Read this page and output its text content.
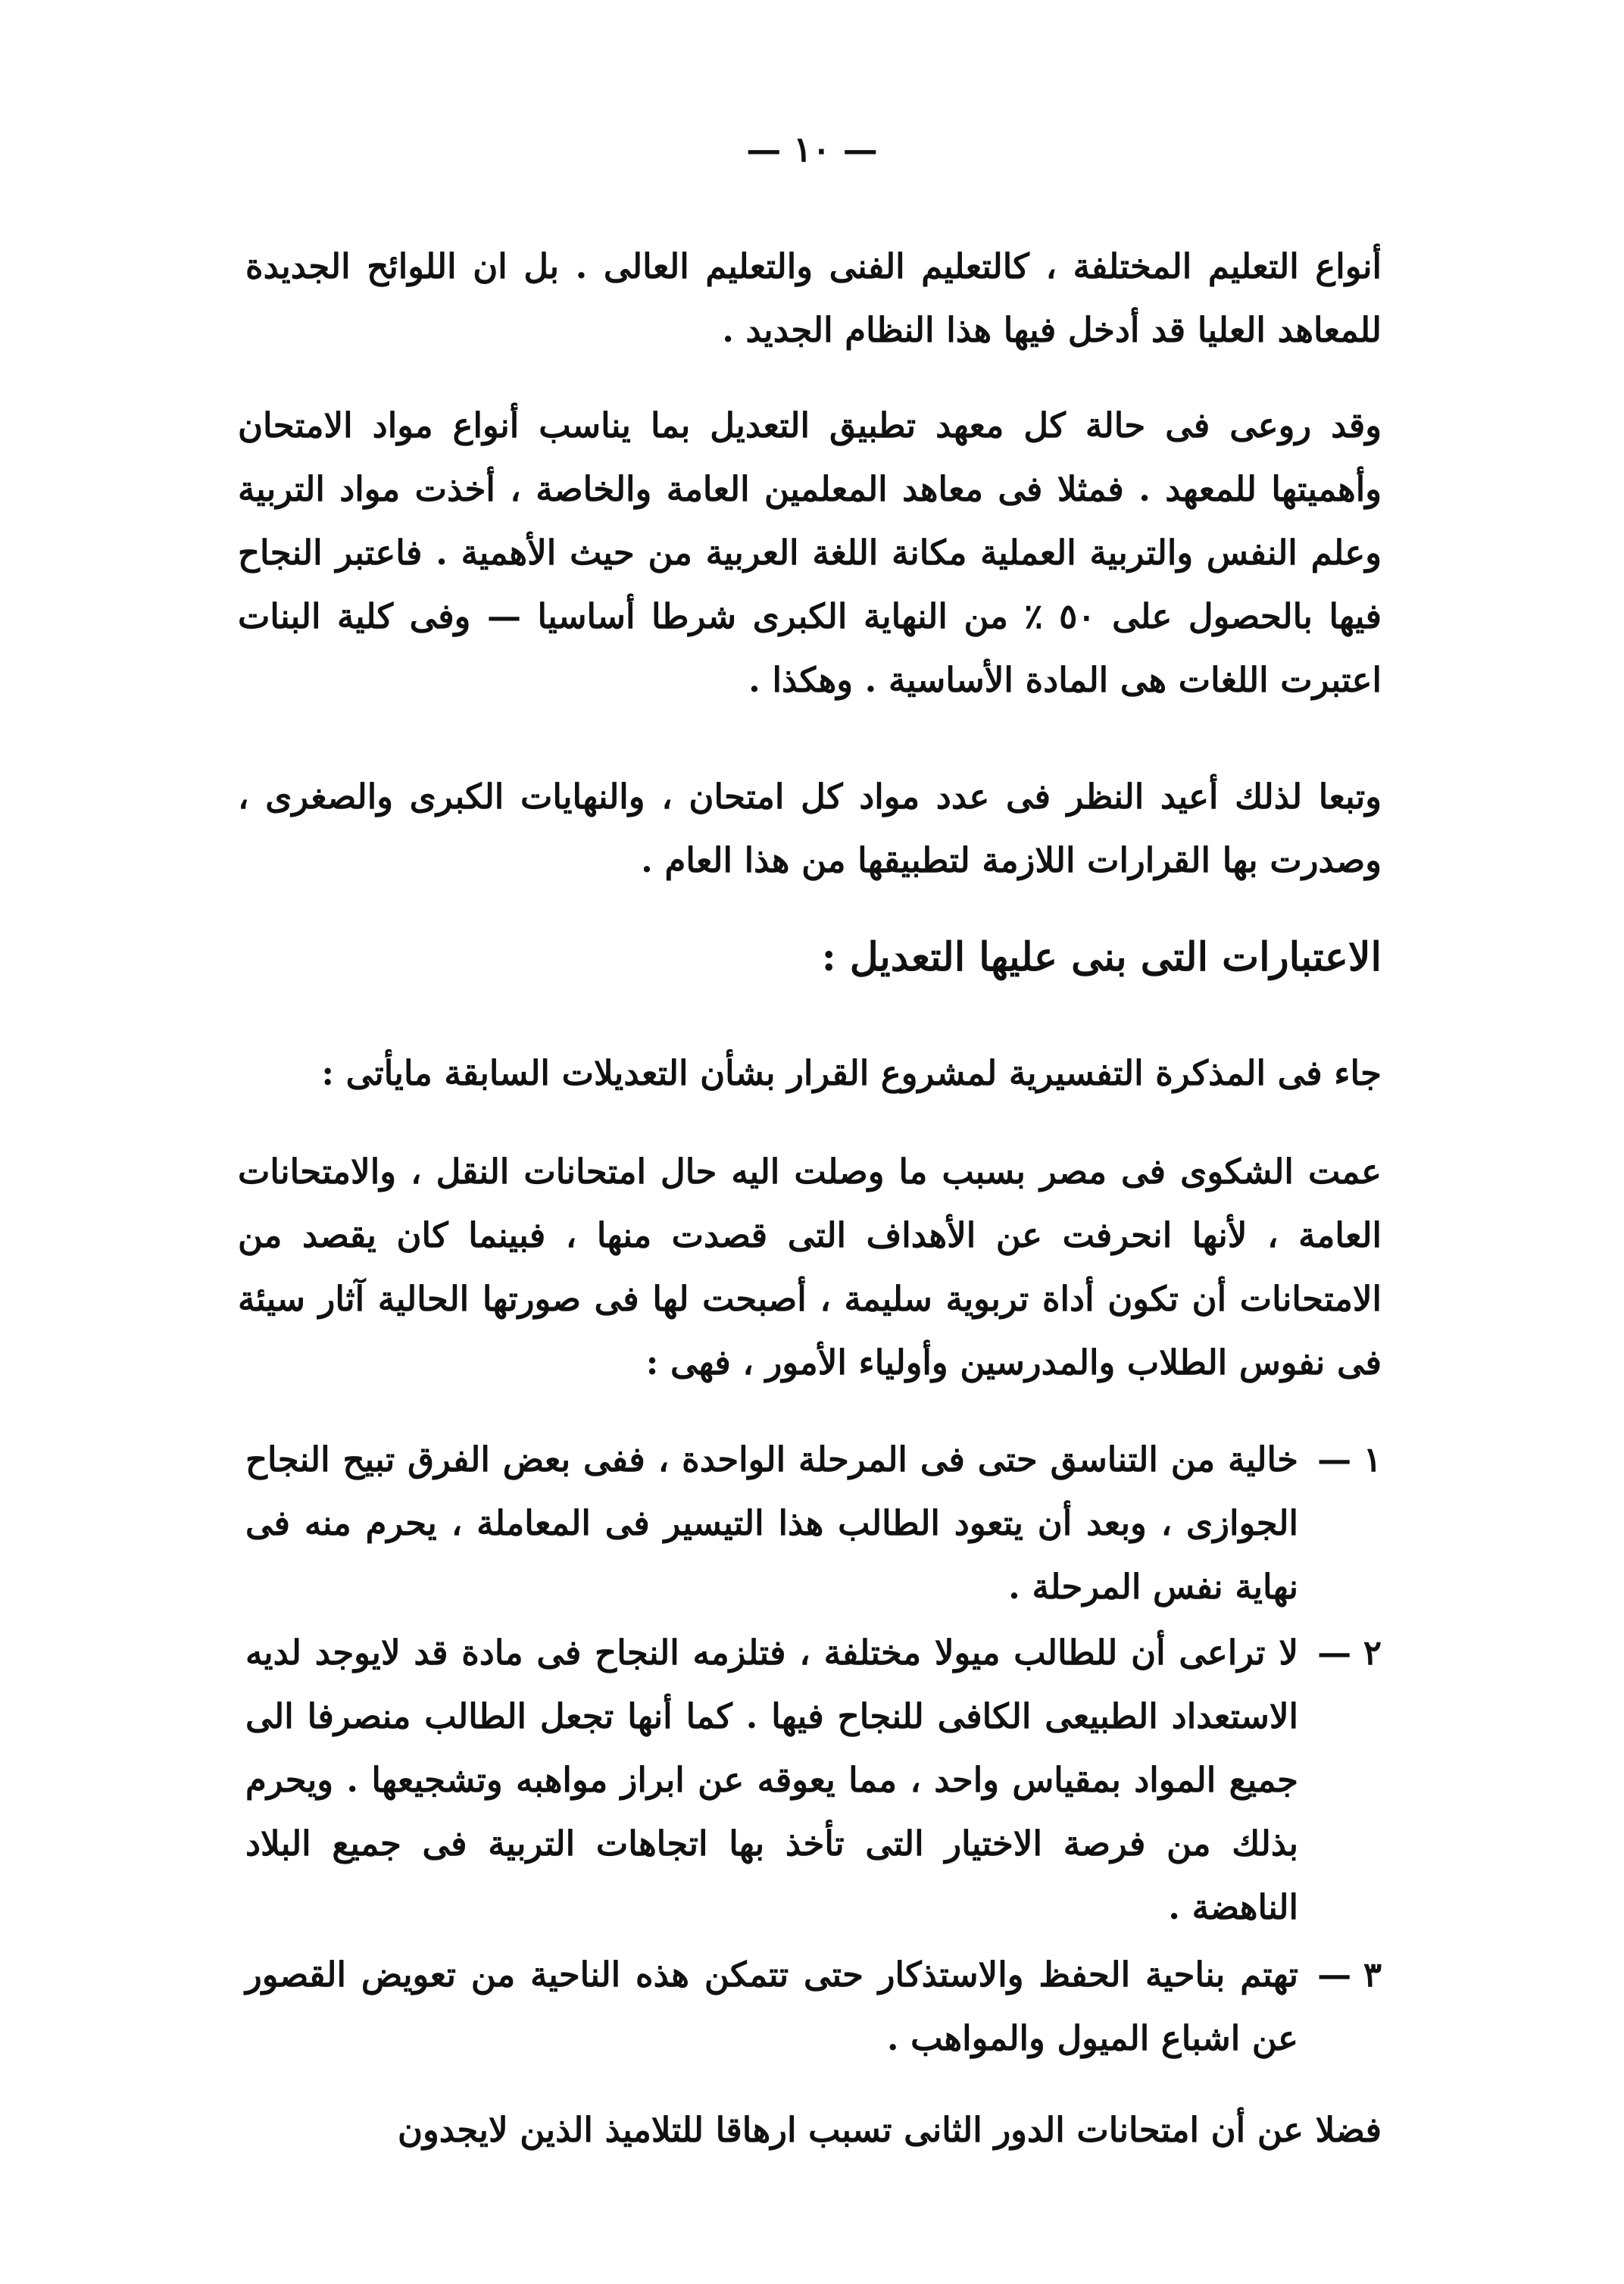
— ١٠ —

أنواع التعليم المختلفة ، كالتعليم الفنى والتعليم العالى . بل ان اللوائح الجديدة للمعاهد العليا قد أدخل فيها هذا النظام الجديد .

وقد روعى فى حالة كل معهد تطبيق التعديل بما يناسب أنواع مواد الامتحان وأهميتها للمعهد . فمثلا فى معاهد المعلمين العامة والخاصة ، أخذت مواد التربية وعلم النفس والتربية العملية مكانة اللغة العربية من حيث الأهمية . فاعتبر النجاح فيها بالحصول على ٥٠ ٪ من النهاية الكبرى شرطا أساسيا — وفى كلية البنات اعتبرت اللغات هى المادة الأساسية . وهكذا .

وتبعا لذلك أعيد النظر فى عدد مواد كل امتحان ، والنهايات الكبرى والصغرى ، وصدرت بها القرارات اللازمة لتطبيقها من هذا العام .

الاعتبارات التى بنى عليها التعديل :

جاء فى المذكرة التفسيرية لمشروع القرار بشأن التعديلات السابقة مايأتى :

عمت الشكوى فى مصر بسبب ما وصلت اليه حال امتحانات النقل ، والامتحانات العامة ، لأنها انحرفت عن الأهداف التى قصدت منها ، فبينما كان يقصد من الامتحانات أن تكون أداة تربوية سليمة ، أصبحت لها فى صورتها الحالية آثار سيئة فى نفوس الطلاب والمدرسين وأولياء الأمور ، فهى :

١ —
خالية من التناسق حتى فى المرحلة الواحدة ، ففى بعض الفرق تبيح النجاح الجوازى ، وبعد أن يتعود الطالب هذا التيسير فى المعاملة ، يحرم منه فى نهاية نفس المرحلة .
٢ —
لا تراعى أن للطالب ميولا مختلفة ، فتلزمه النجاح فى مادة قد لايوجد لديه الاستعداد الطبيعى الكافى للنجاح فيها . كما أنها تجعل الطالب منصرفا الى جميع المواد بمقياس واحد ، مما يعوقه عن ابراز مواهبه وتشجيعها . ويحرم بذلك من فرصة الاختيار التى تأخذ بها اتجاهات التربية فى جميع البلاد الناهضة .
٣ —
تهتم بناحية الحفظ والاستذكار حتى تتمكن هذه الناحية من تعويض القصور عن اشباع الميول والمواهب .

فضلا عن أن امتحانات الدور الثانى تسبب ارهاقا للتلاميذ الذين لايجدون
